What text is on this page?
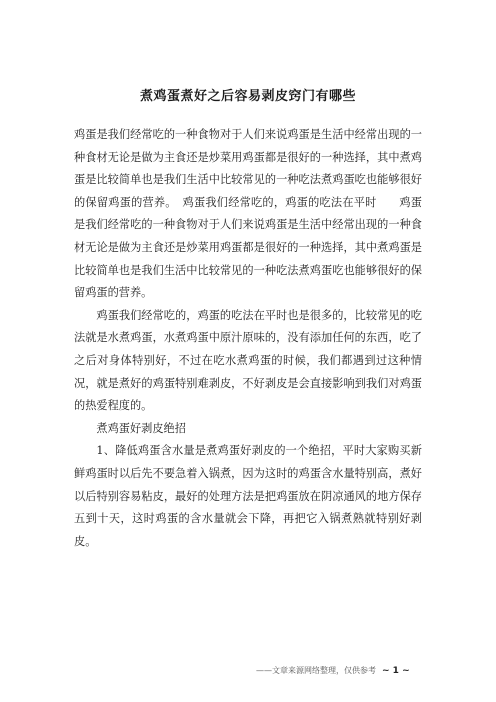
煮鸡蛋煮好之后容易剥皮窍门有哪些

鸡蛋是我们经常吃的一种食物对于人们来说鸡蛋是生活中经常出现的一种食材无论是做为主食还是炒菜用鸡蛋都是很好的一种选择，其中煮鸡蛋是比较简单也是我们生活中比较常见的一种吃法煮鸡蛋吃也能够很好的保留鸡蛋的营养。　鸡蛋我们经常吃的，鸡蛋的吃法在平时　　鸡蛋是我们经常吃的一种食物对于人们来说鸡蛋是生活中经常出现的一种食材无论是做为主食还是炒菜用鸡蛋都是很好的一种选择，其中煮鸡蛋是比较简单也是我们生活中比较常见的一种吃法煮鸡蛋吃也能够很好的保留鸡蛋的营养。

鸡蛋我们经常吃的，鸡蛋的吃法在平时也是很多的，比较常见的吃法就是水煮鸡蛋，水煮鸡蛋中原汁原味的，没有添加任何的东西，吃了之后对身体特别好，不过在吃水煮鸡蛋的时候，我们都遇到过这种情况，就是煮好的鸡蛋特别难剥皮，不好剥皮是会直接影响到我们对鸡蛋的热爱程度的。

煮鸡蛋好剥皮绝招

1、降低鸡蛋含水量是煮鸡蛋好剥皮的一个绝招，平时大家购买新鲜鸡蛋时以后先不要急着入锅煮，因为这时的鸡蛋含水量特别高，煮好以后特别容易粘皮，最好的处理方法是把鸡蛋放在阴凉通风的地方保存五到十天，这时鸡蛋的含水量就会下降，再把它入锅煮熟就特别好剥皮。

——文章来源网络整理，仅供参考 ~ 1 ~
